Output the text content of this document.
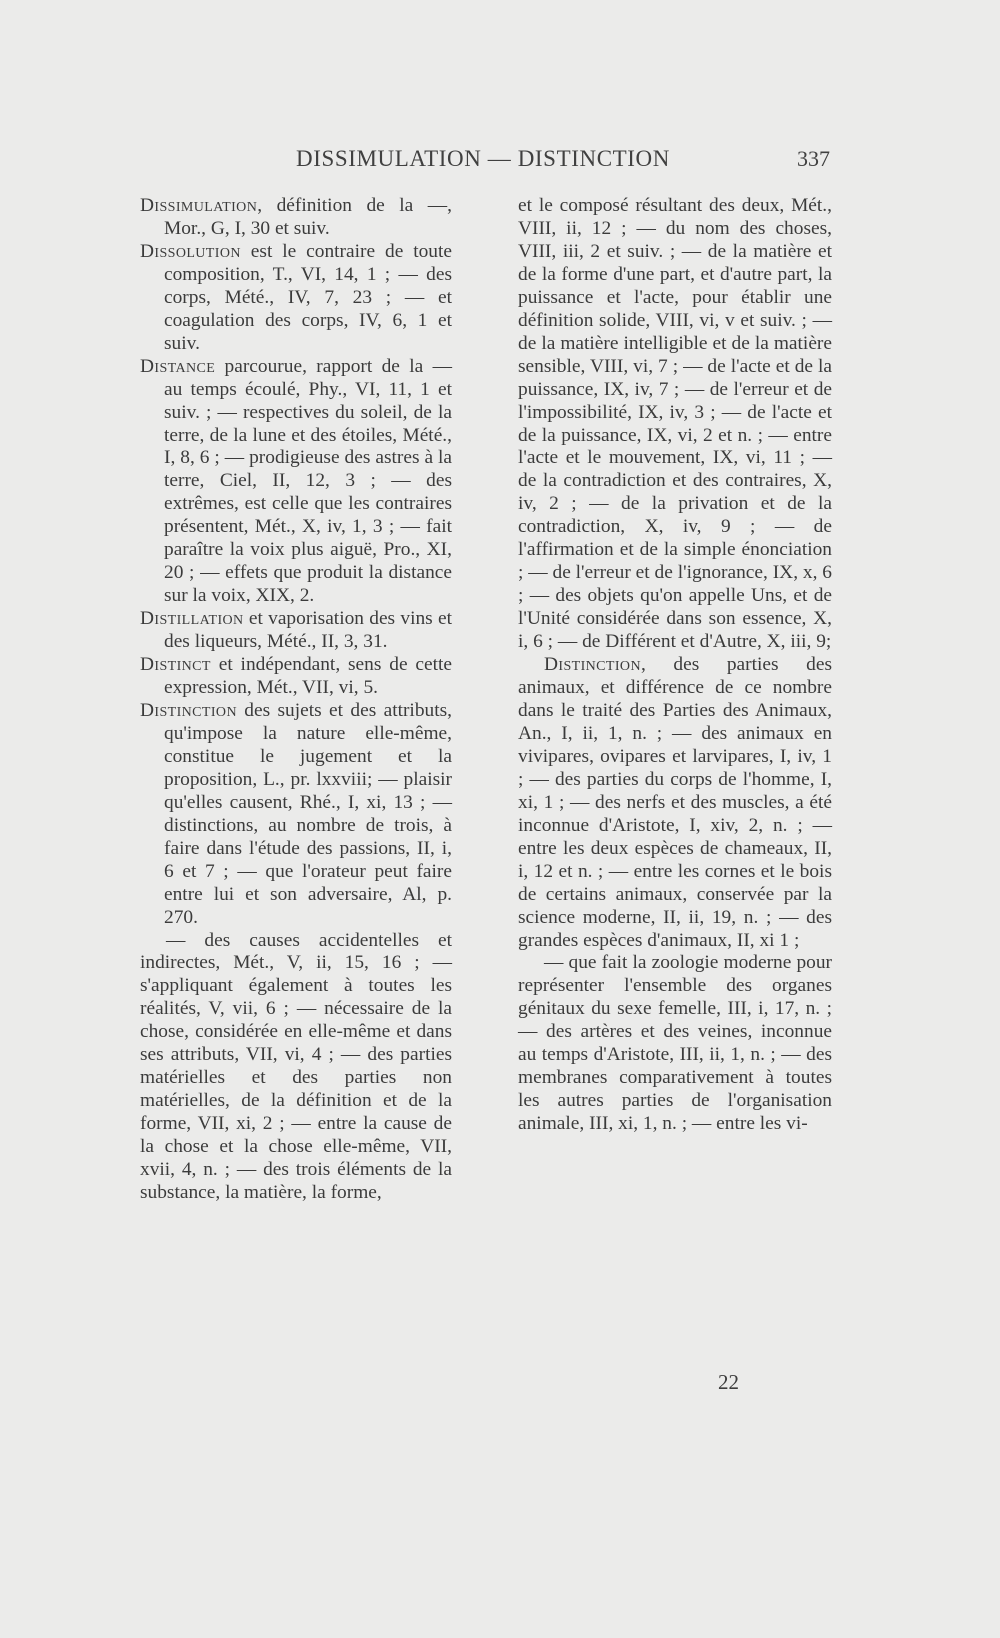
DISSIMULATION — DISTINCTION	337

Dissimulation, définition de la —, Mor., G, I, 30 et suiv.

Dissolution est le contraire de toute composition, T., VI, 14, 1 ; — des corps, Mété., IV, 7, 23 ; — et coagulation des corps, IV, 6, 1 et suiv.

Distance parcourue, rapport de la — au temps écoulé, Phy., VI, 11, 1 et suiv. ; — respectives du soleil, de la terre, de la lune et des étoiles, Mété., I, 8, 6 ; — prodigieuse des astres à la terre, Ciel, II, 12, 3 ; — des extrêmes, est celle que les contraires présentent, Mét., X, iv, 1, 3 ; — fait paraître la voix plus aiguë, Pro., XI, 20 ; — effets que produit la distance sur la voix, XIX, 2.

Distillation et vaporisation des vins et des liqueurs, Mété., II, 3, 31.

Distinct et indépendant, sens de cette expression, Mét., VII, vi, 5.

Distinction des sujets et des attributs, qu'impose la nature elle-même, constitue le jugement et la proposition, L., pr. lxxviii; — plaisir qu'elles causent, Rhé., I, xi, 13 ; — distinctions, au nombre de trois, à faire dans l'étude des passions, II, i, 6 et 7 ; — que l'orateur peut faire entre lui et son adversaire, Al, p. 270.

— des causes accidentelles et indirectes, Mét., V, ii, 15, 16 ; — s'appliquant également à toutes les réalités, V, vii, 6 ; — nécessaire de la chose, considérée en elle-même et dans ses attributs, VII, vi, 4 ; — des parties matérielles et des parties non matérielles, de la définition et de la forme, VII, xi, 2 ; — entre la cause de la chose et la chose elle-même, VII, xvii, 4, n. ; — des trois éléments de la substance, la matière, la forme,

et le composé résultant des deux, Mét., VIII, ii, 12 ; — du nom des choses, VIII, iii, 2 et suiv. ; — de la matière et de la forme d'une part, et d'autre part, la puissance et l'acte, pour établir une définition solide, VIII, vi, v et suiv. ; — de la matière intelligible et de la matière sensible, VIII, vi, 7 ; — de l'acte et de la puissance, IX, iv, 7 ; — de l'erreur et de l'impossibilité, IX, iv, 3 ; — de l'acte et de la puissance, IX, vi, 2 et n. ; — entre l'acte et le mouvement, IX, vi, 11 ; — de la contradiction et des contraires, X, iv, 2 ; — de la privation et de la contradiction, X, iv, 9 ; — de l'affirmation et de la simple énonciation ; — de l'erreur et de l'ignorance, IX, x, 6 ; — des objets qu'on appelle Uns, et de l'Unité considérée dans son essence, X, i, 6 ; — de Différent et d'Autre, X, iii, 9;

Distinction, des parties des animaux, et différence de ce nombre dans le traité des Parties des Animaux, An., I, ii, 1, n. ; — des animaux en vivipares, ovipares et larvipares, I, iv, 1 ; — des parties du corps de l'homme, I, xi, 1 ; — des nerfs et des muscles, a été inconnue d'Aristote, I, xiv, 2, n. ; — entre les deux espèces de chameaux, II, i, 12 et n. ; — entre les cornes et le bois de certains animaux, conservée par la science moderne, II, ii, 19, n. ; — des grandes espèces d'animaux, II, xi 1 ;

— que fait la zoologie moderne pour représenter l'ensemble des organes génitaux du sexe femelle, III, i, 17, n. ; — des artères et des veines, inconnue au temps d'Aristote, III, ii, 1, n. ; — des membranes comparativement à toutes les autres parties de l'organisation animale, III, xi, 1, n. ; — entre les vi-

22
